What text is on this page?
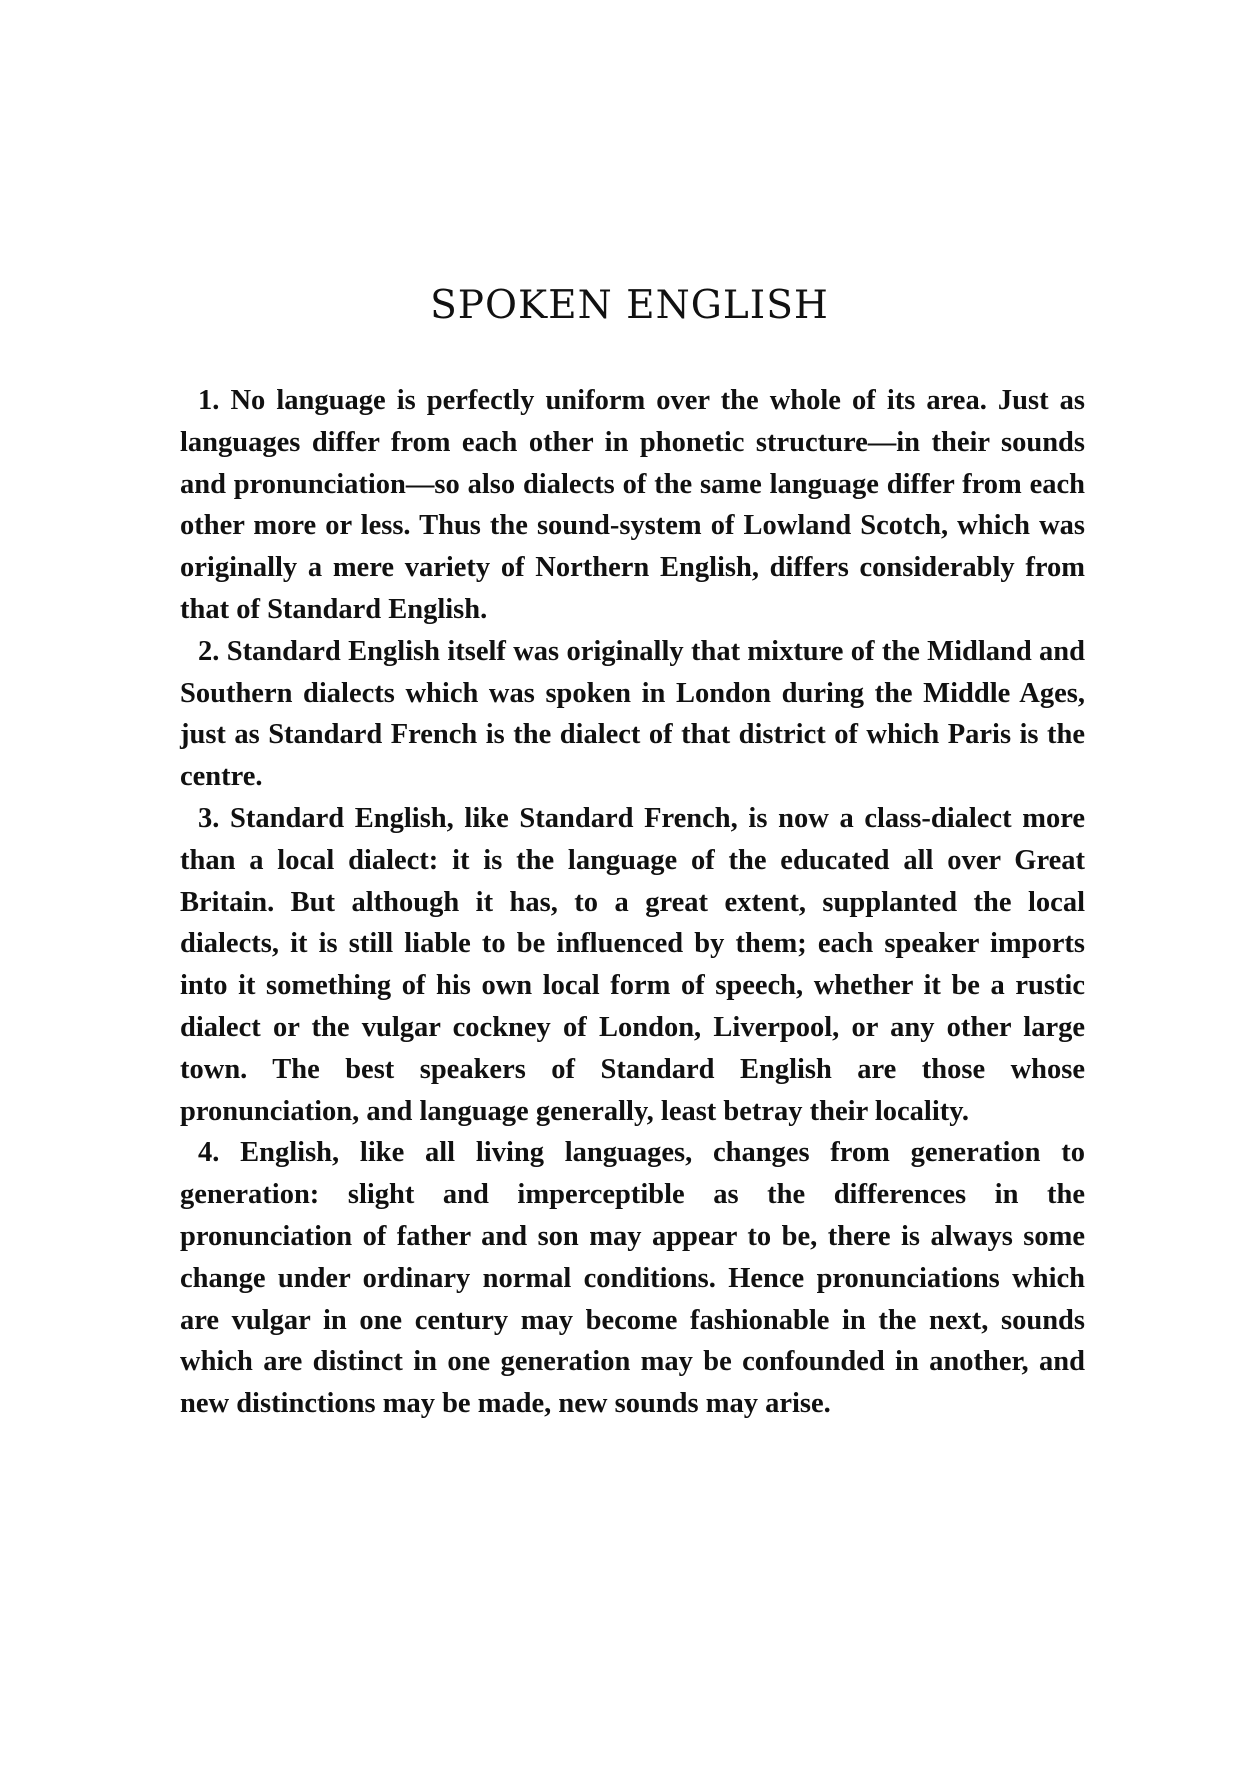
SPOKEN ENGLISH

1. No language is perfectly uniform over the whole of its area. Just as languages differ from each other in phonetic structure—in their sounds and pronunciation—so also dialects of the same language differ from each other more or less. Thus the sound-system of Lowland Scotch, which was originally a mere variety of Northern English, differs considerably from that of Standard English.

2. Standard English itself was originally that mixture of the Midland and Southern dialects which was spoken in London during the Middle Ages, just as Standard French is the dialect of that district of which Paris is the centre.

3. Standard English, like Standard French, is now a class-dialect more than a local dialect: it is the language of the educated all over Great Britain. But although it has, to a great extent, supplanted the local dialects, it is still liable to be influenced by them; each speaker imports into it something of his own local form of speech, whether it be a rustic dialect or the vulgar cockney of London, Liverpool, or any other large town. The best speakers of Standard English are those whose pronunciation, and language generally, least betray their locality.

4. English, like all living languages, changes from generation to generation: slight and imperceptible as the differences in the pronunciation of father and son may appear to be, there is always some change under ordinary normal conditions. Hence pronunciations which are vulgar in one century may become fashionable in the next, sounds which are distinct in one generation may be confounded in another, and new distinctions may be made, new sounds may arise.
